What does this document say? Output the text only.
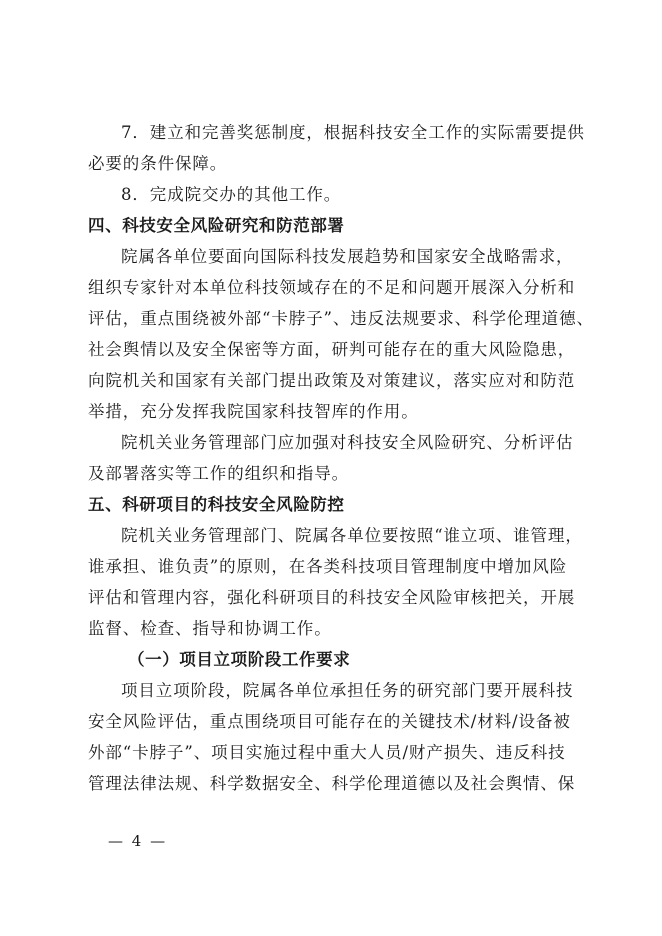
7．建立和完善奖惩制度，根据科技安全工作的实际需要提供
必要的条件保障。
8．完成院交办的其他工作。
四、科技安全风险研究和防范部署
院属各单位要面向国际科技发展趋势和国家安全战略需求，
组织专家针对本单位科技领域存在的不足和问题开展深入分析和
评估，重点围绕被外部“卡脖子”、违反法规要求、科学伦理道德、
社会舆情以及安全保密等方面，研判可能存在的重大风险隐患，
向院机关和国家有关部门提出政策及对策建议，落实应对和防范
举措，充分发挥我院国家科技智库的作用。
院机关业务管理部门应加强对科技安全风险研究、分析评估
及部署落实等工作的组织和指导。
五、科研项目的科技安全风险防控
院机关业务管理部门、院属各单位要按照“谁立项、谁管理，
谁承担、谁负责”的原则，在各类科技项目管理制度中增加风险
评估和管理内容，强化科研项目的科技安全风险审核把关，开展
监督、检查、指导和协调工作。
（一）项目立项阶段工作要求
项目立项阶段，院属各单位承担任务的研究部门要开展科技
安全风险评估，重点围绕项目可能存在的关键技术/材料/设备被
外部“卡脖子”、项目实施过程中重大人员/财产损失、违反科技
管理法律法规、科学数据安全、科学伦理道德以及社会舆情、保
— 4 —
